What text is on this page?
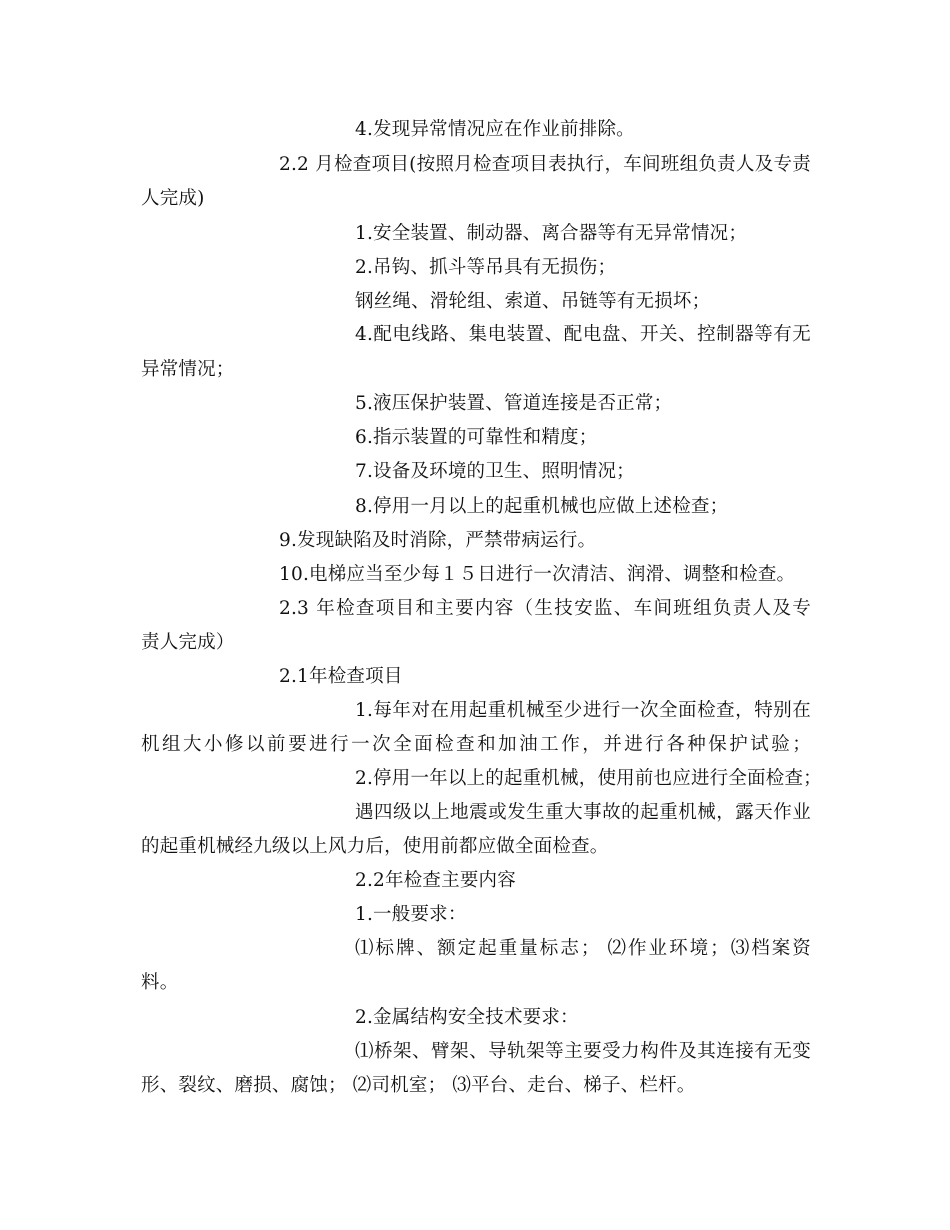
4.发现异常情况应在作业前排除。
2.2 月检查项目(按照月检查项目表执行，车间班组负责人及专责
人完成)
1.安全装置、制动器、离合器等有无异常情况；
2.吊钩、抓斗等吊具有无损伤；
钢丝绳、滑轮组、索道、吊链等有无损坏；
4.配电线路、集电装置、配电盘、开关、控制器等有无
异常情况；
5.液压保护装置、管道连接是否正常；
6.指示装置的可靠性和精度；
7.设备及环境的卫生、照明情况；
8.停用一月以上的起重机械也应做上述检查；
9.发现缺陷及时消除，严禁带病运行。
10.电梯应当至少每１５日进行一次清洁、润滑、调整和检查。
2.3 年检查项目和主要内容（生技安监、车间班组负责人及专
责人完成）
2.1年检查项目
1.每年对在用起重机械至少进行一次全面检查，特别在
机组大小修以前要进行一次全面检查和加油工作，并进行各种保护试验；
2.停用一年以上的起重机械，使用前也应进行全面检查；
遇四级以上地震或发生重大事故的起重机械，露天作业
的起重机械经九级以上风力后，使用前都应做全面检查。
2.2年检查主要内容
1.一般要求：
⑴标牌、额定起重量标志； ⑵作业环境；⑶档案资
料。
2.金属结构安全技术要求：
⑴桥架、臂架、导轨架等主要受力构件及其连接有无变
形、裂纹、磨损、腐蚀； ⑵司机室； ⑶平台、走台、梯子、栏杆。
